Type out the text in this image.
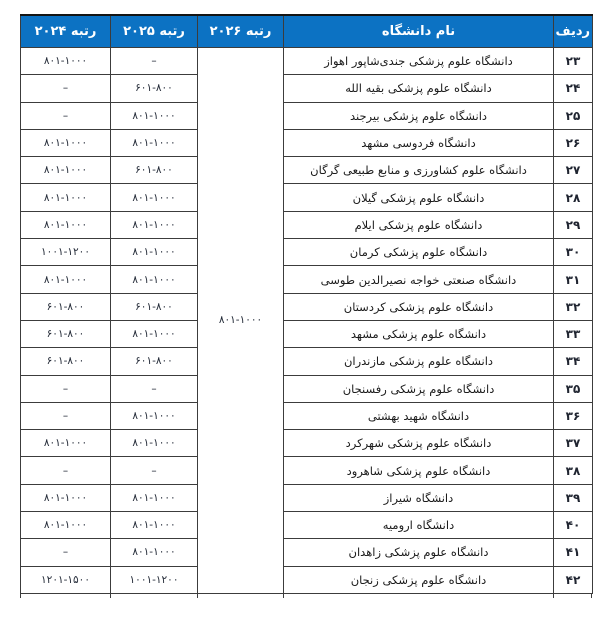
ردیف	نام دانشگاه	رتبه ۲۰۲۶	رتبه ۲۰۲۵	رتبه ۲۰۲۴
۲۳	دانشگاه علوم پزشکی جندی‌شاپور اهواز	۸۰۱-۱۰۰۰	–	۸۰۱-۱۰۰۰
۲۴	دانشگاه علوم پزشکی بقیه الله		۶۰۱-۸۰۰	–
۲۵	دانشگاه علوم پزشکی بیرجند		۸۰۱-۱۰۰۰	–
۲۶	دانشگاه فردوسی مشهد		۸۰۱-۱۰۰۰	۸۰۱-۱۰۰۰
۲۷	دانشگاه علوم کشاورزی و منابع طبیعی گرگان		۶۰۱-۸۰۰	۸۰۱-۱۰۰۰
۲۸	دانشگاه علوم پزشکی گیلان		۸۰۱-۱۰۰۰	۸۰۱-۱۰۰۰
۲۹	دانشگاه علوم پزشکی ایلام		۸۰۱-۱۰۰۰	۸۰۱-۱۰۰۰
۳۰	دانشگاه علوم پزشکی کرمان		۸۰۱-۱۰۰۰	۱۰۰۱-۱۲۰۰
۳۱	دانشگاه صنعتی خواجه نصیرالدین طوسی		۸۰۱-۱۰۰۰	۸۰۱-۱۰۰۰
۳۲	دانشگاه علوم پزشکی کردستان		۶۰۱-۸۰۰	۶۰۱-۸۰۰
۳۳	دانشگاه علوم پزشکی مشهد		۸۰۱-۱۰۰۰	۶۰۱-۸۰۰
۳۴	دانشگاه علوم پزشکی مازندران		۶۰۱-۸۰۰	۶۰۱-۸۰۰
۳۵	دانشگاه علوم پزشکی رفسنجان		–	–
۳۶	دانشگاه شهید بهشتی		۸۰۱-۱۰۰۰	–
۳۷	دانشگاه علوم پزشکی شهرکرد		۸۰۱-۱۰۰۰	۸۰۱-۱۰۰۰
۳۸	دانشگاه علوم پزشکی شاهرود		–	–
۳۹	دانشگاه شیراز		۸۰۱-۱۰۰۰	۸۰۱-۱۰۰۰
۴۰	دانشگاه ارومیه		۸۰۱-۱۰۰۰	۸۰۱-۱۰۰۰
۴۱	دانشگاه علوم پزشکی زاهدان		۸۰۱-۱۰۰۰	–
۴۲	دانشگاه علوم پزشکی زنجان		۱۰۰۱-۱۲۰۰	۱۲۰۱-۱۵۰۰
